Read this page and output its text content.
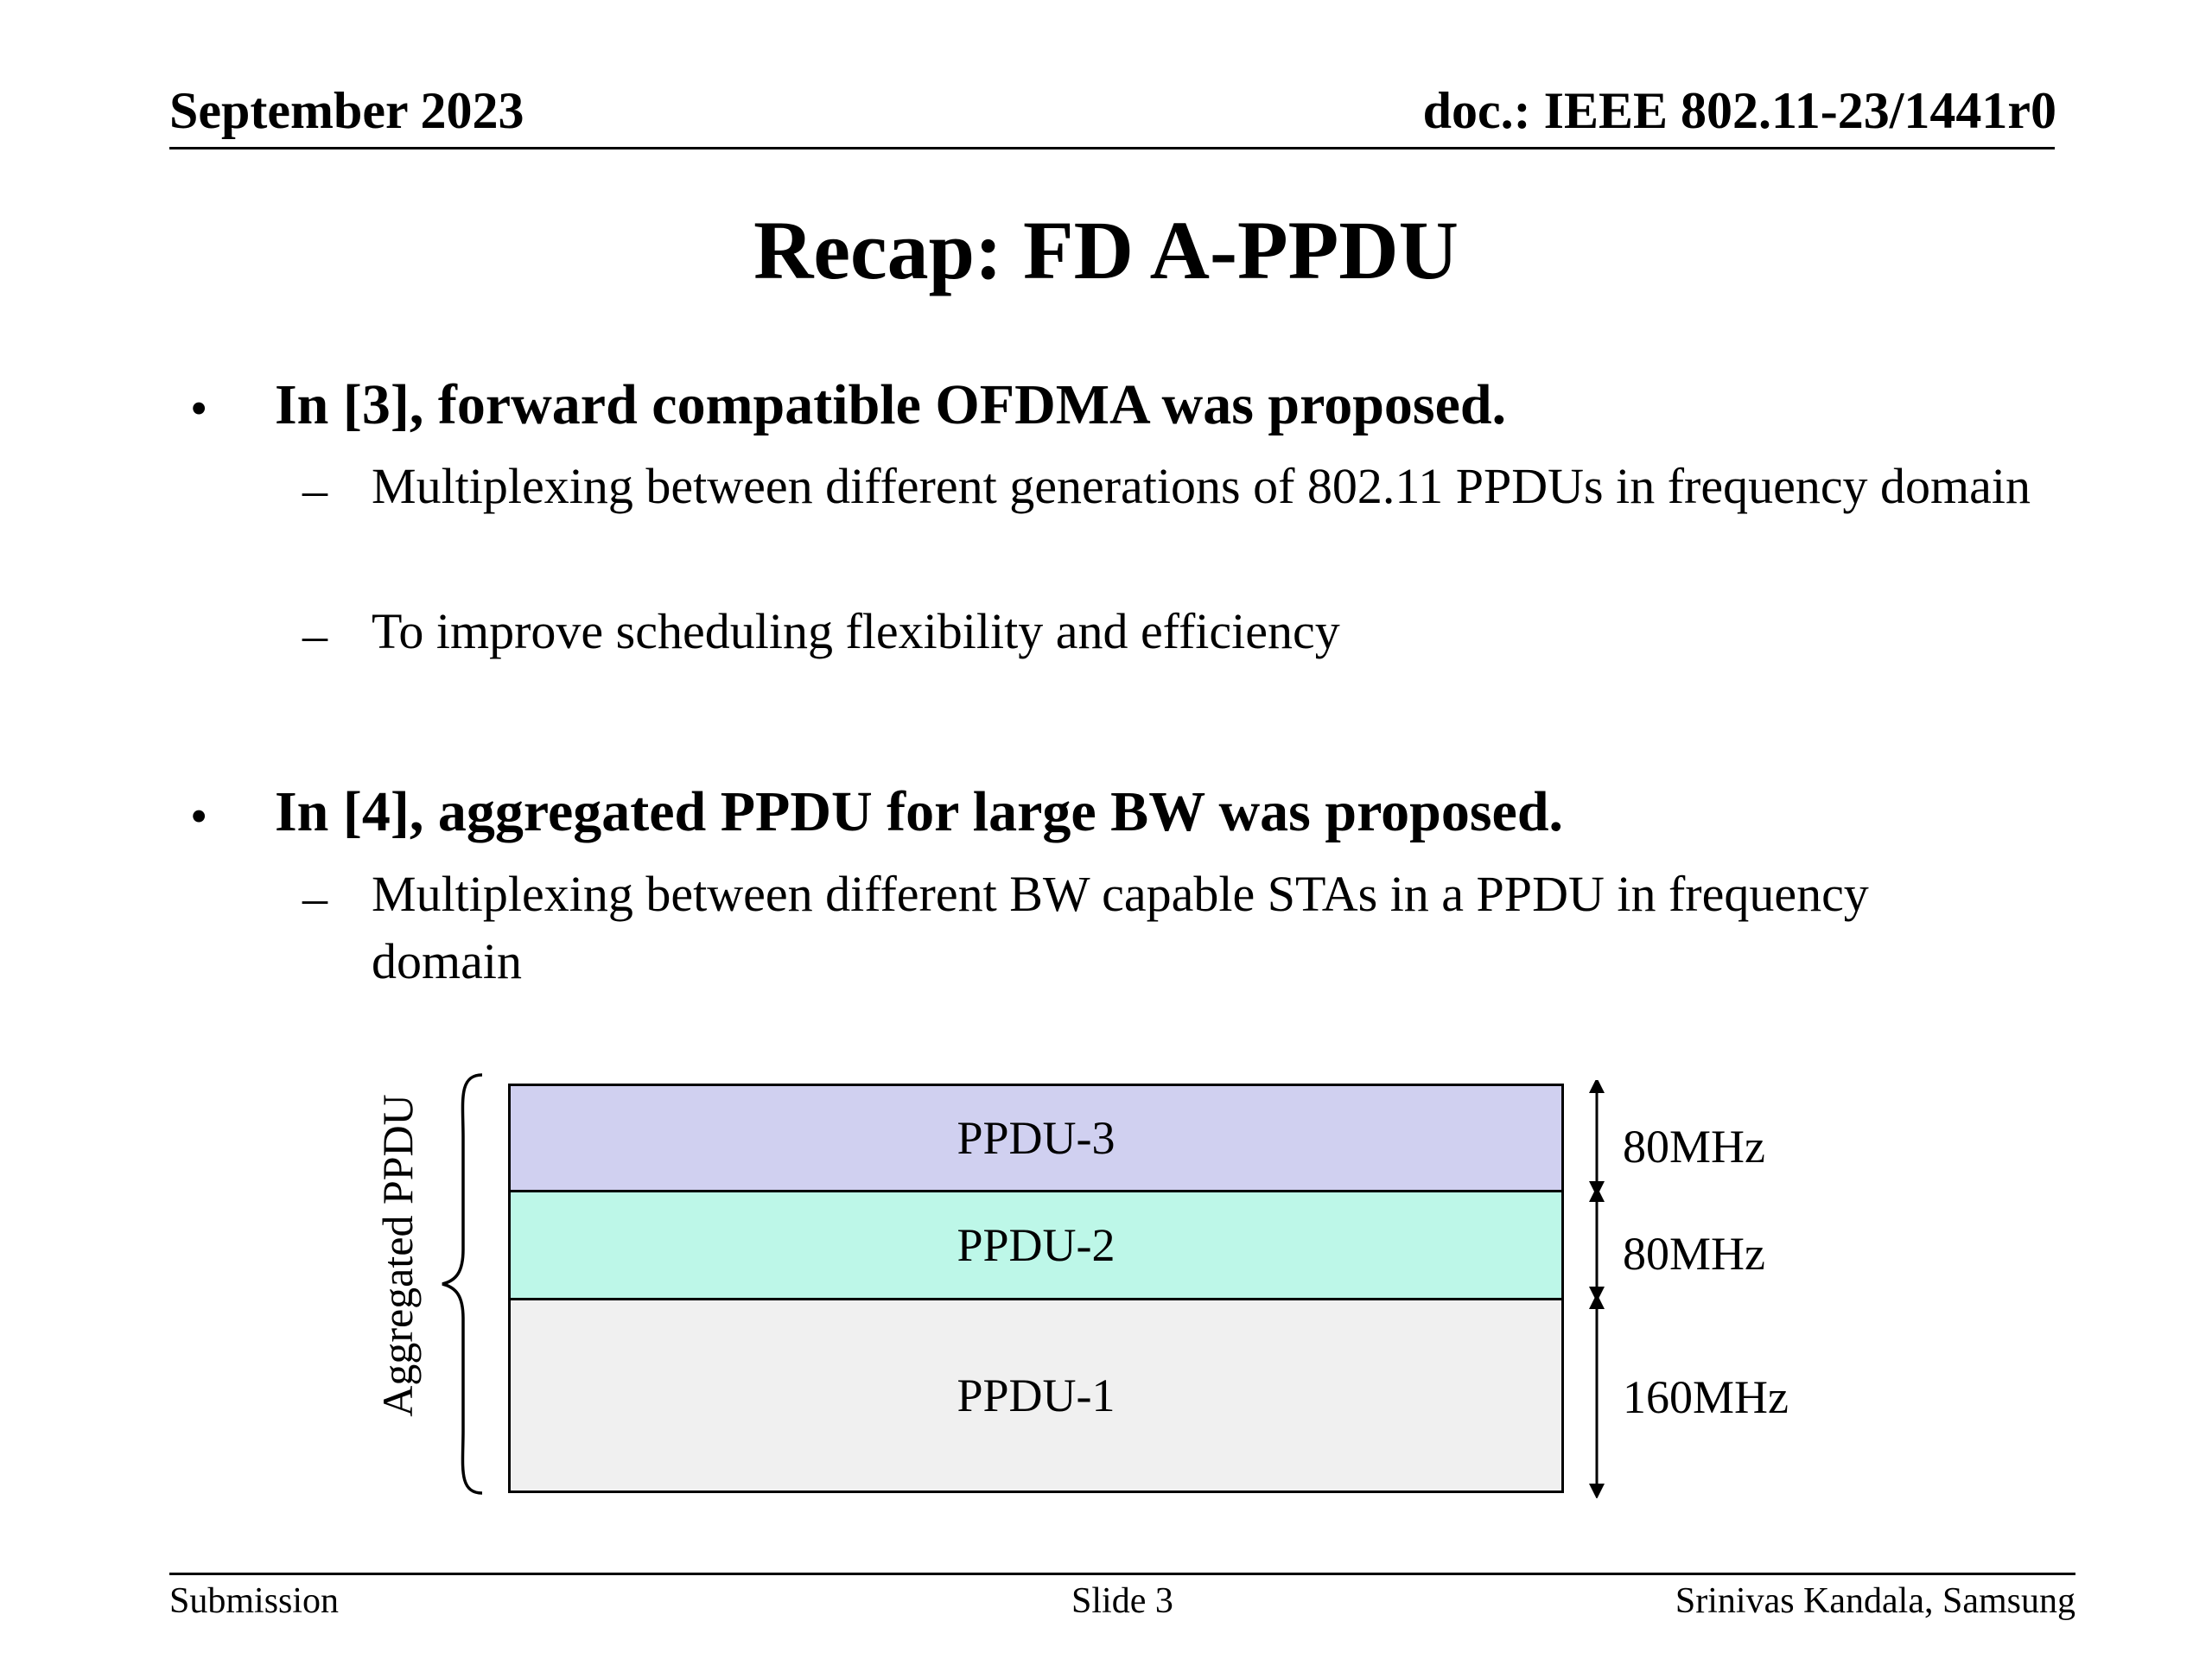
September 2023	doc.: IEEE 802.11-23/1441r0
Recap: FD A-PPDU
• In [3], forward compatible OFDMA was proposed.
– Multiplexing between different generations of 802.11 PPDUs in frequency domain
– To improve scheduling flexibility and efficiency
• In [4], aggregated PPDU for large BW was proposed.
– Multiplexing between different BW capable STAs in a PPDU in frequency domain
Aggregated PPDU	PPDU-3
PPDU-2
PPDU-1
80MHz
80MHz
160MHz
Submission	Slide 3	Srinivas Kandala, Samsung
